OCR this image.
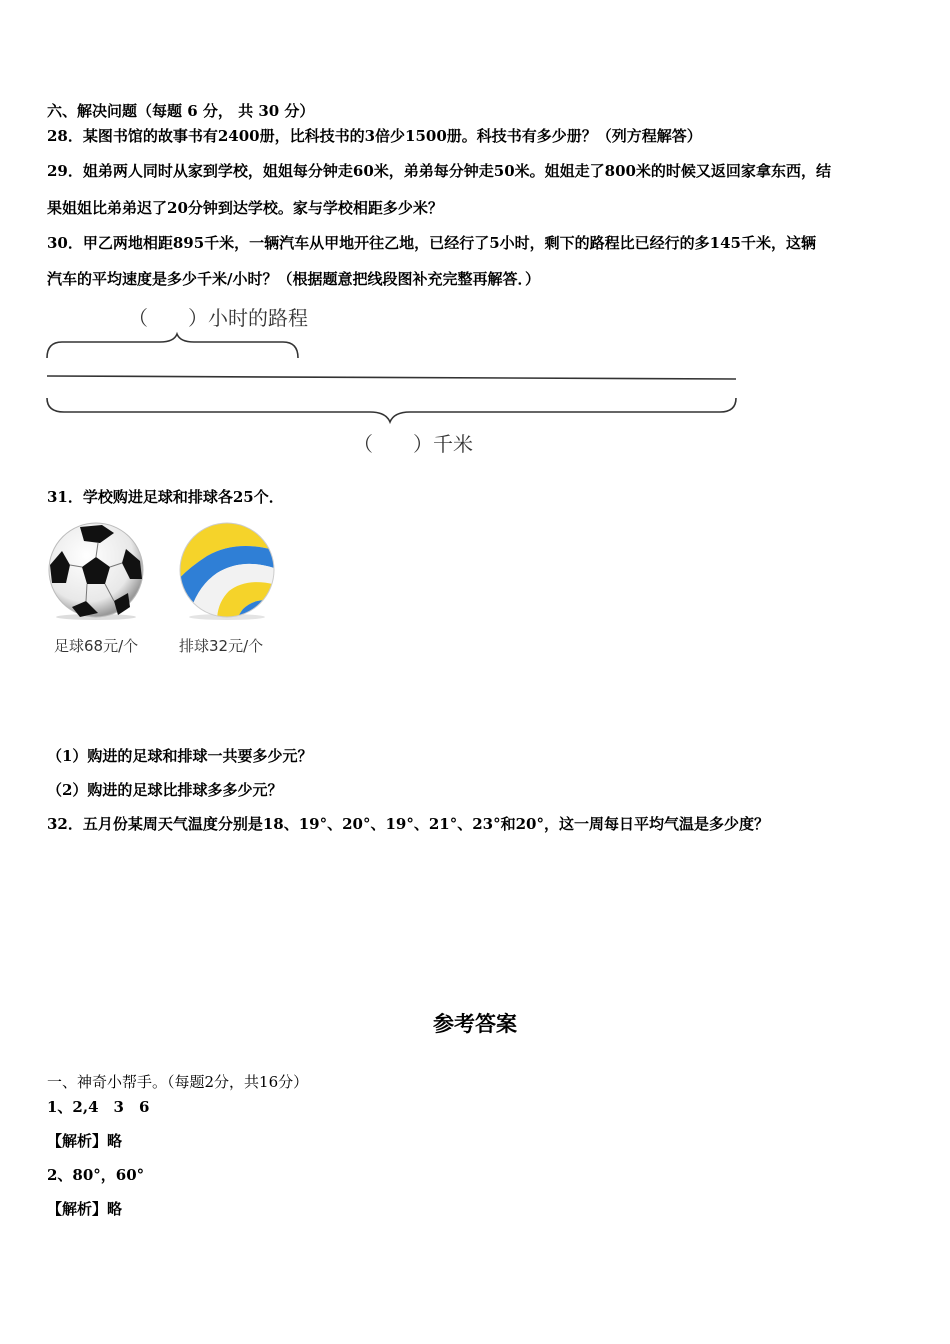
六、解决问题（每题 6 分， 共 30 分）
28．某图书馆的故事书有2400册，比科技书的3倍少1500册。科技书有多少册？（列方程解答）
29．姐弟两人同时从家到学校，姐姐每分钟走60米，弟弟每分钟走50米。姐姐走了800米的时候又返回家拿东西，结
果姐姐比弟弟迟了20分钟到达学校。家与学校相距多少米？
30．甲乙两地相距895千米，一辆汽车从甲地开往乙地，已经行了5小时，剩下的路程比已经行的多145千米，这辆
汽车的平均速度是多少千米/小时？（根据题意把线段图补充完整再解答．）
（　　）小时的路程
（　　）千米
31．学校购进足球和排球各25个．
足球68元/个	排球32元/个
（1）购进的足球和排球一共要多少元？
（2）购进的足球比排球多多少元？
32．五月份某周天气温度分别是18、19°、20°、19°、21°、23°和20°，这一周每日平均气温是多少度？
参考答案
一、神奇小帮手。（每题2分，共16分）
1、2,4　3　6
【解析】略
2、80°，60°
【解析】略
